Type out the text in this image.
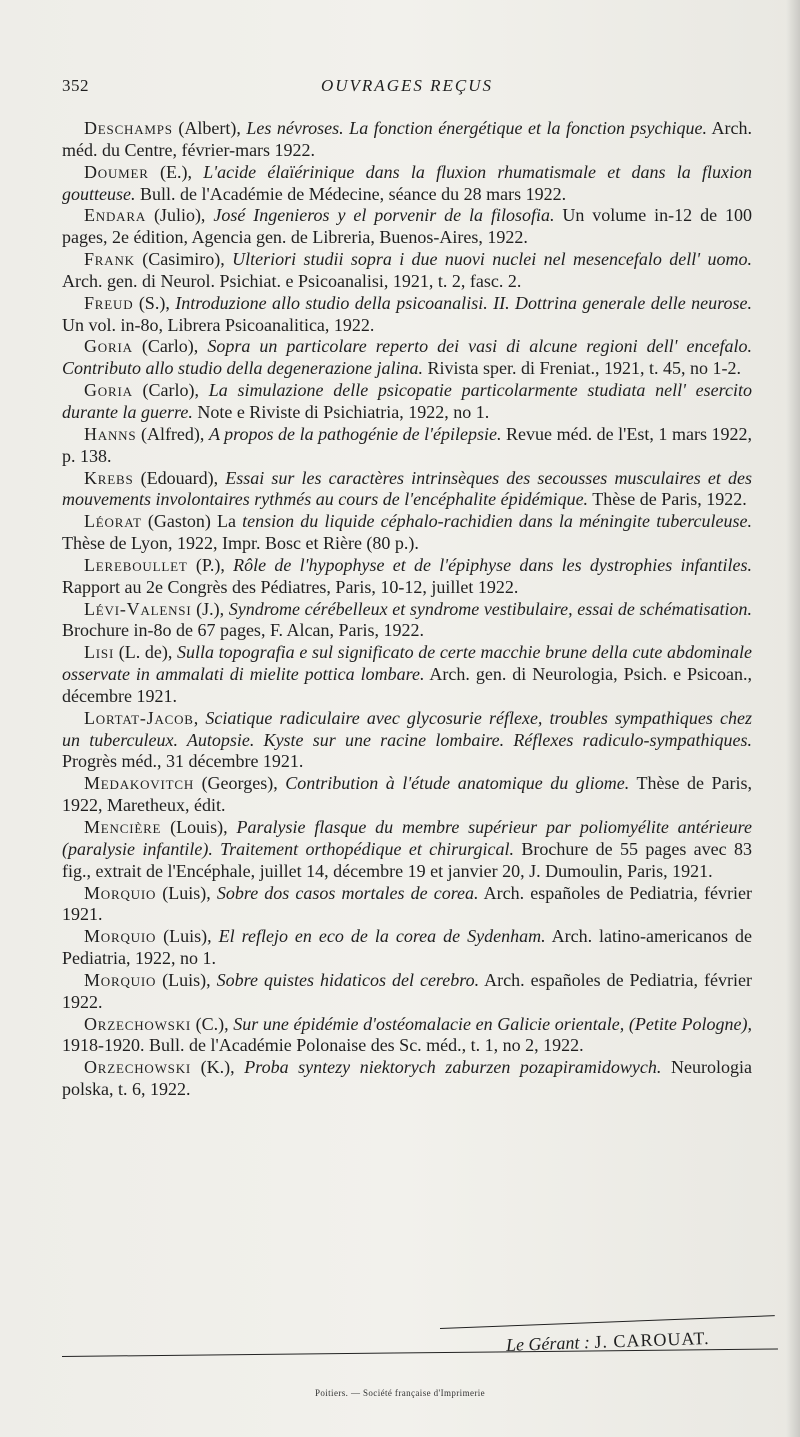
352	OUVRAGES REÇUS

Deschamps (Albert), Les névroses. La fonction énergétique et la fonction psychique. Arch. méd. du Centre, février-mars 1922.

Doumer (E.), L'acide élaïérinique dans la fluxion rhumatismale et dans la fluxion goutteuse. Bull. de l'Académie de Médecine, séance du 28 mars 1922.

Endara (Julio), José Ingenieros y el porvenir de la filosofia. Un volume in-12 de 100 pages, 2e édition, Agencia gen. de Libreria, Buenos-Aires, 1922.

Frank (Casimiro), Ulteriori studii sopra i due nuovi nuclei nel mesencefalo dell' uomo. Arch. gen. di Neurol. Psichiat. e Psicoanalisi, 1921, t. 2, fasc. 2.

Freud (S.), Introduzione allo studio della psicoanalisi. II. Dottrina generale delle neurose. Un vol. in-8o, Librera Psicoanalitica, 1922.

Goria (Carlo), Sopra un particolare reperto dei vasi di alcune regioni dell' encefalo. Contributo allo studio della degenerazione jalina. Rivista sper. di Freniat., 1921, t. 45, no 1-2.

Goria (Carlo), La simulazione delle psicopatie particolarmente studiata nell' esercito durante la guerre. Note e Riviste di Psichiatria, 1922, no 1.

Hanns (Alfred), A propos de la pathogénie de l'épilepsie. Revue méd. de l'Est, 1 mars 1922, p. 138.

Krebs (Edouard), Essai sur les caractères intrinsèques des secousses musculaires et des mouvements involontaires rythmés au cours de l'encéphalite épidémique. Thèse de Paris, 1922.

Léorat (Gaston) La tension du liquide céphalo-rachidien dans la méningite tuberculeuse. Thèse de Lyon, 1922, Impr. Bosc et Rière (80 p.).

Lereboullet (P.), Rôle de l'hypophyse et de l'épiphyse dans les dystrophies infantiles. Rapport au 2e Congrès des Pédiatres, Paris, 10-12, juillet 1922.

Lévi-Valensi (J.), Syndrome cérébelleux et syndrome vestibulaire, essai de schématisation. Brochure in-8o de 67 pages, F. Alcan, Paris, 1922.

Lisi (L. de), Sulla topografia e sul significato de certe macchie brune della cute abdominale osservate in ammalati di mielite pottica lombare. Arch. gen. di Neurologia, Psich. e Psicoan., décembre 1921.

Lortat-Jacob, Sciatique radiculaire avec glycosurie réflexe, troubles sympathiques chez un tuberculeux. Autopsie. Kyste sur une racine lombaire. Réflexes radiculo-sympathiques. Progrès méd., 31 décembre 1921.

Medakovitch (Georges), Contribution à l'étude anatomique du gliome. Thèse de Paris, 1922, Maretheux, édit.

Mencière (Louis), Paralysie flasque du membre supérieur par poliomyélite antérieure (paralysie infantile). Traitement orthopédique et chirurgical. Brochure de 55 pages avec 83 fig., extrait de l'Encéphale, juillet 14, décembre 19 et janvier 20, J. Dumoulin, Paris, 1921.

Morquio (Luis), Sobre dos casos mortales de corea. Arch. españoles de Pediatria, février 1921.

Morquio (Luis), El reflejo en eco de la corea de Sydenham. Arch. latino-americanos de Pediatria, 1922, no 1.

Morquio (Luis), Sobre quistes hidaticos del cerebro. Arch. españoles de Pediatria, février 1922.

Orzechowski (C.), Sur une épidémie d'ostéomalacie en Galicie orientale, (Petite Pologne), 1918-1920. Bull. de l'Académie Polonaise des Sc. méd., t. 1, no 2, 1922.

Orzechowski (K.), Proba syntezy niektorych zaburzen pozapiramidowych. Neurologia polska, t. 6, 1922.

Le Gérant : J. CAROUAT.
Poitiers. — Société française d'Imprimerie
